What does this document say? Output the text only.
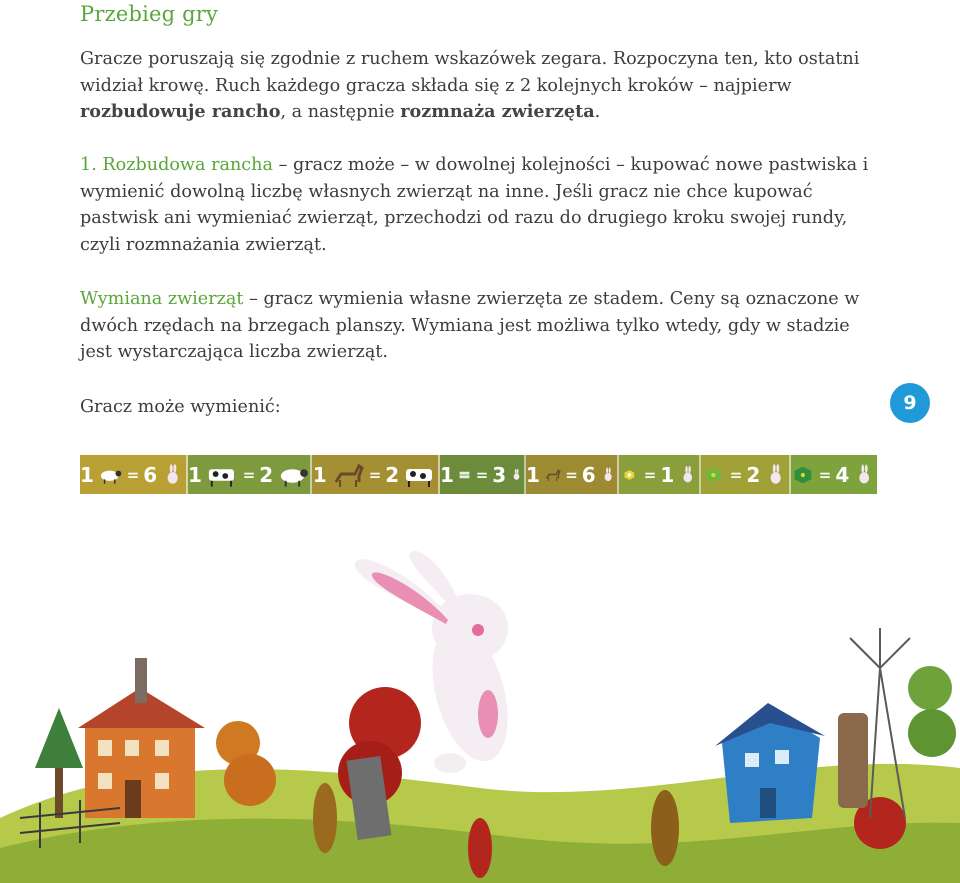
Przebieg gry
Gracze poruszają się zgodnie z ruchem wskazówek zegara. Rozpoczyna ten, kto ostatni widział krowę. Ruch każdego gracza składa się z 2 kolejnych kroków – najpierw rozbudowuje rancho, a następnie rozmnaża zwierzęta.
1. Rozbudowa rancha – gracz może – w dowolnej kolejności – kupować nowe pastwiska i wymienić dowolną liczbę własnych zwierząt na inne. Jeśli gracz nie chce kupować pastwisk ani wymieniać zwierząt, przechodzi od razu do drugiego kroku swojej rundy, czyli rozmnażania zwierząt.
Wymiana zwierząt – gracz wymienia własne zwierzęta ze stadem. Ceny są oznaczone w dwóch rzędach na brzegach planszy. Wymiana jest możliwa tylko wtedy, gdy w stadzie jest wystarczająca liczba zwierząt.
Gracz może wymienić:	9
1 = 6 1	= 2 1	= 2 1 = 3 1 = 6	= 1	= 2	= 4
